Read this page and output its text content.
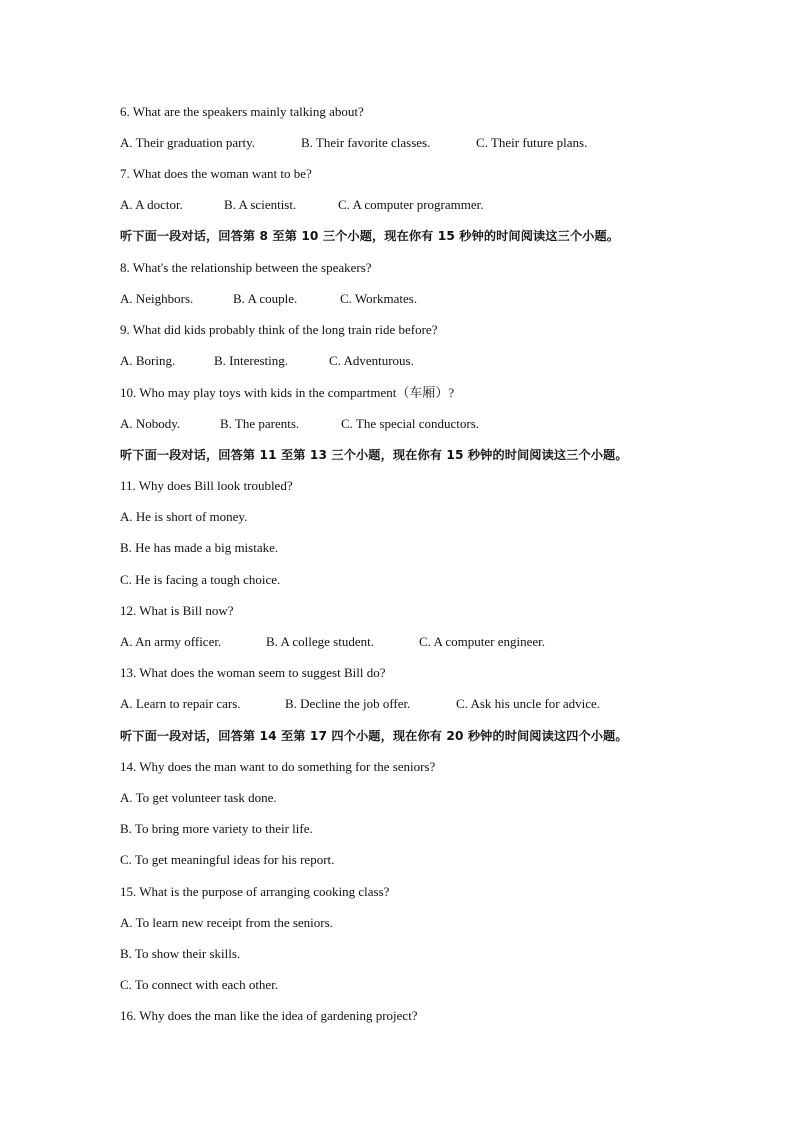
6. What are the speakers mainly talking about?
A. Their graduation party.	B. Their favorite classes.	C. Their future plans.
7. What does the woman want to be?
A. A doctor.	B. A scientist.	C. A computer programmer.
听下面一段对话，回答第 8 至第 10 三个小题，现在你有 15 秒钟的时间阅读这三个小题。
8. What's the relationship between the speakers?
A. Neighbors.	B. A couple.	C. Workmates.
9. What did kids probably think of the long train ride before?
A. Boring.	B. Interesting.	C. Adventurous.
10. Who may play toys with kids in the compartment（车厢）?
A. Nobody.	B. The parents.	C. The special conductors.
听下面一段对话，回答第 11 至第 13 三个小题，现在你有 15 秒钟的时间阅读这三个小题。
11. Why does Bill look troubled?
A. He is short of money.
B. He has made a big mistake.
C. He is facing a tough choice.
12. What is Bill now?
A. An army officer.	B. A college student.	C. A computer engineer.
13. What does the woman seem to suggest Bill do?
A. Learn to repair cars.	B. Decline the job offer.	C. Ask his uncle for advice.
听下面一段对话，回答第 14 至第 17 四个小题，现在你有 20 秒钟的时间阅读这四个小题。
14. Why does the man want to do something for the seniors?
A. To get volunteer task done.
B. To bring more variety to their life.
C. To get meaningful ideas for his report.
15. What is the purpose of arranging cooking class?
A. To learn new receipt from the seniors.
B. To show their skills.
C. To connect with each other.
16. Why does the man like the idea of gardening project?
